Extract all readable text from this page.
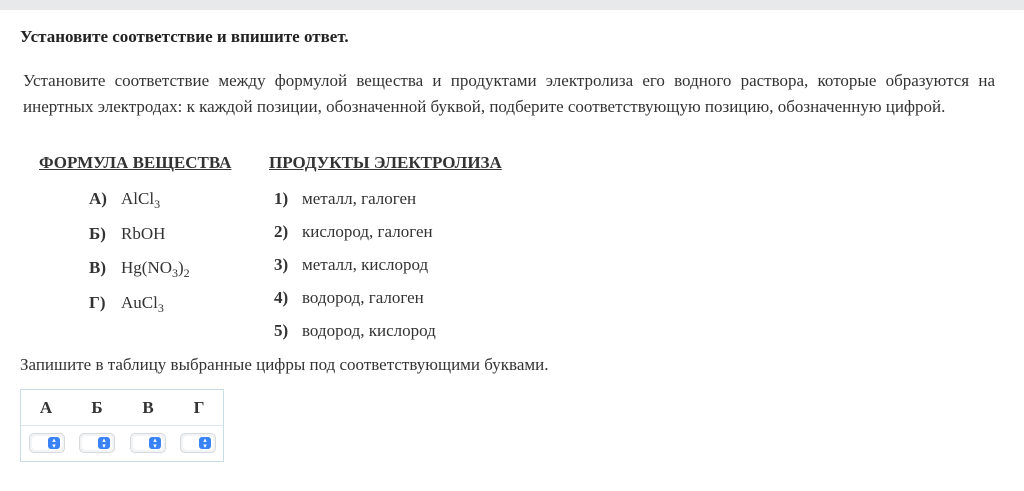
Установите соответствие и впишите ответ.
Установите соответствие между формулой вещества и продуктами электролиза его водного раствора, которые образуются на инертных электродах: к каждой позиции, обозначенной буквой, подберите соответствующую позицию, обозначенную цифрой.
ФОРМУЛА ВЕЩЕСТВА ПРОДУКТЫ ЭЛЕКТРОЛИЗА
А) AlCl$_3$
Б) RbOH
В) $Hg(NO_3)_2$
Г) AuCl$_3$
1) металл, галоген
2) кислород, галоген
3) металл, кислород
4) водород, галоген
5) водород, кислород
Запишите в таблицу выбранные цифры под соответствующими буквами.
А	Б	В	Г
▴
▾
▴
▾
▴
▾
▴
▾
